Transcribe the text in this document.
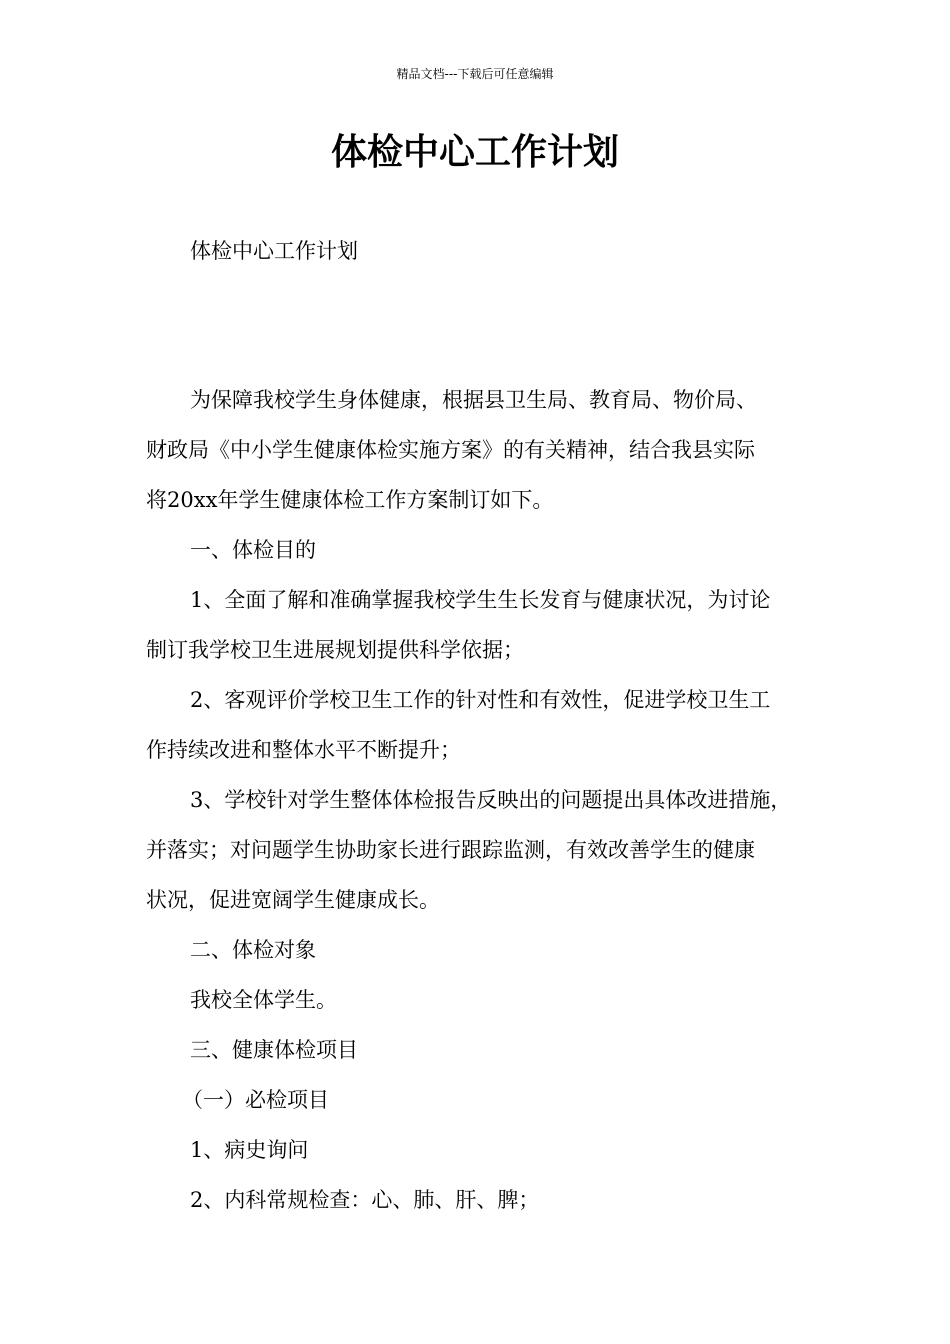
精品文档---下载后可任意编辑
体检中心工作计划
体检中心工作计划
为保障我校学生身体健康，根据县卫生局、教育局、物价局、
财政局《中小学生健康体检实施方案》的有关精神，结合我县实际
将20xx年学生健康体检工作方案制订如下。
一、体检目的
1、全面了解和准确掌握我校学生生长发育与健康状况，为讨论
制订我学校卫生进展规划提供科学依据；
2、客观评价学校卫生工作的针对性和有效性，促进学校卫生工
作持续改进和整体水平不断提升；
3、学校针对学生整体体检报告反映出的问题提出具体改进措施，
并落实；对问题学生协助家长进行跟踪监测，有效改善学生的健康
状况，促进宽阔学生健康成长。
二、体检对象
我校全体学生。
三、健康体检项目
（一）必检项目
1、病史询问
2、内科常规检查：心、肺、肝、脾；
